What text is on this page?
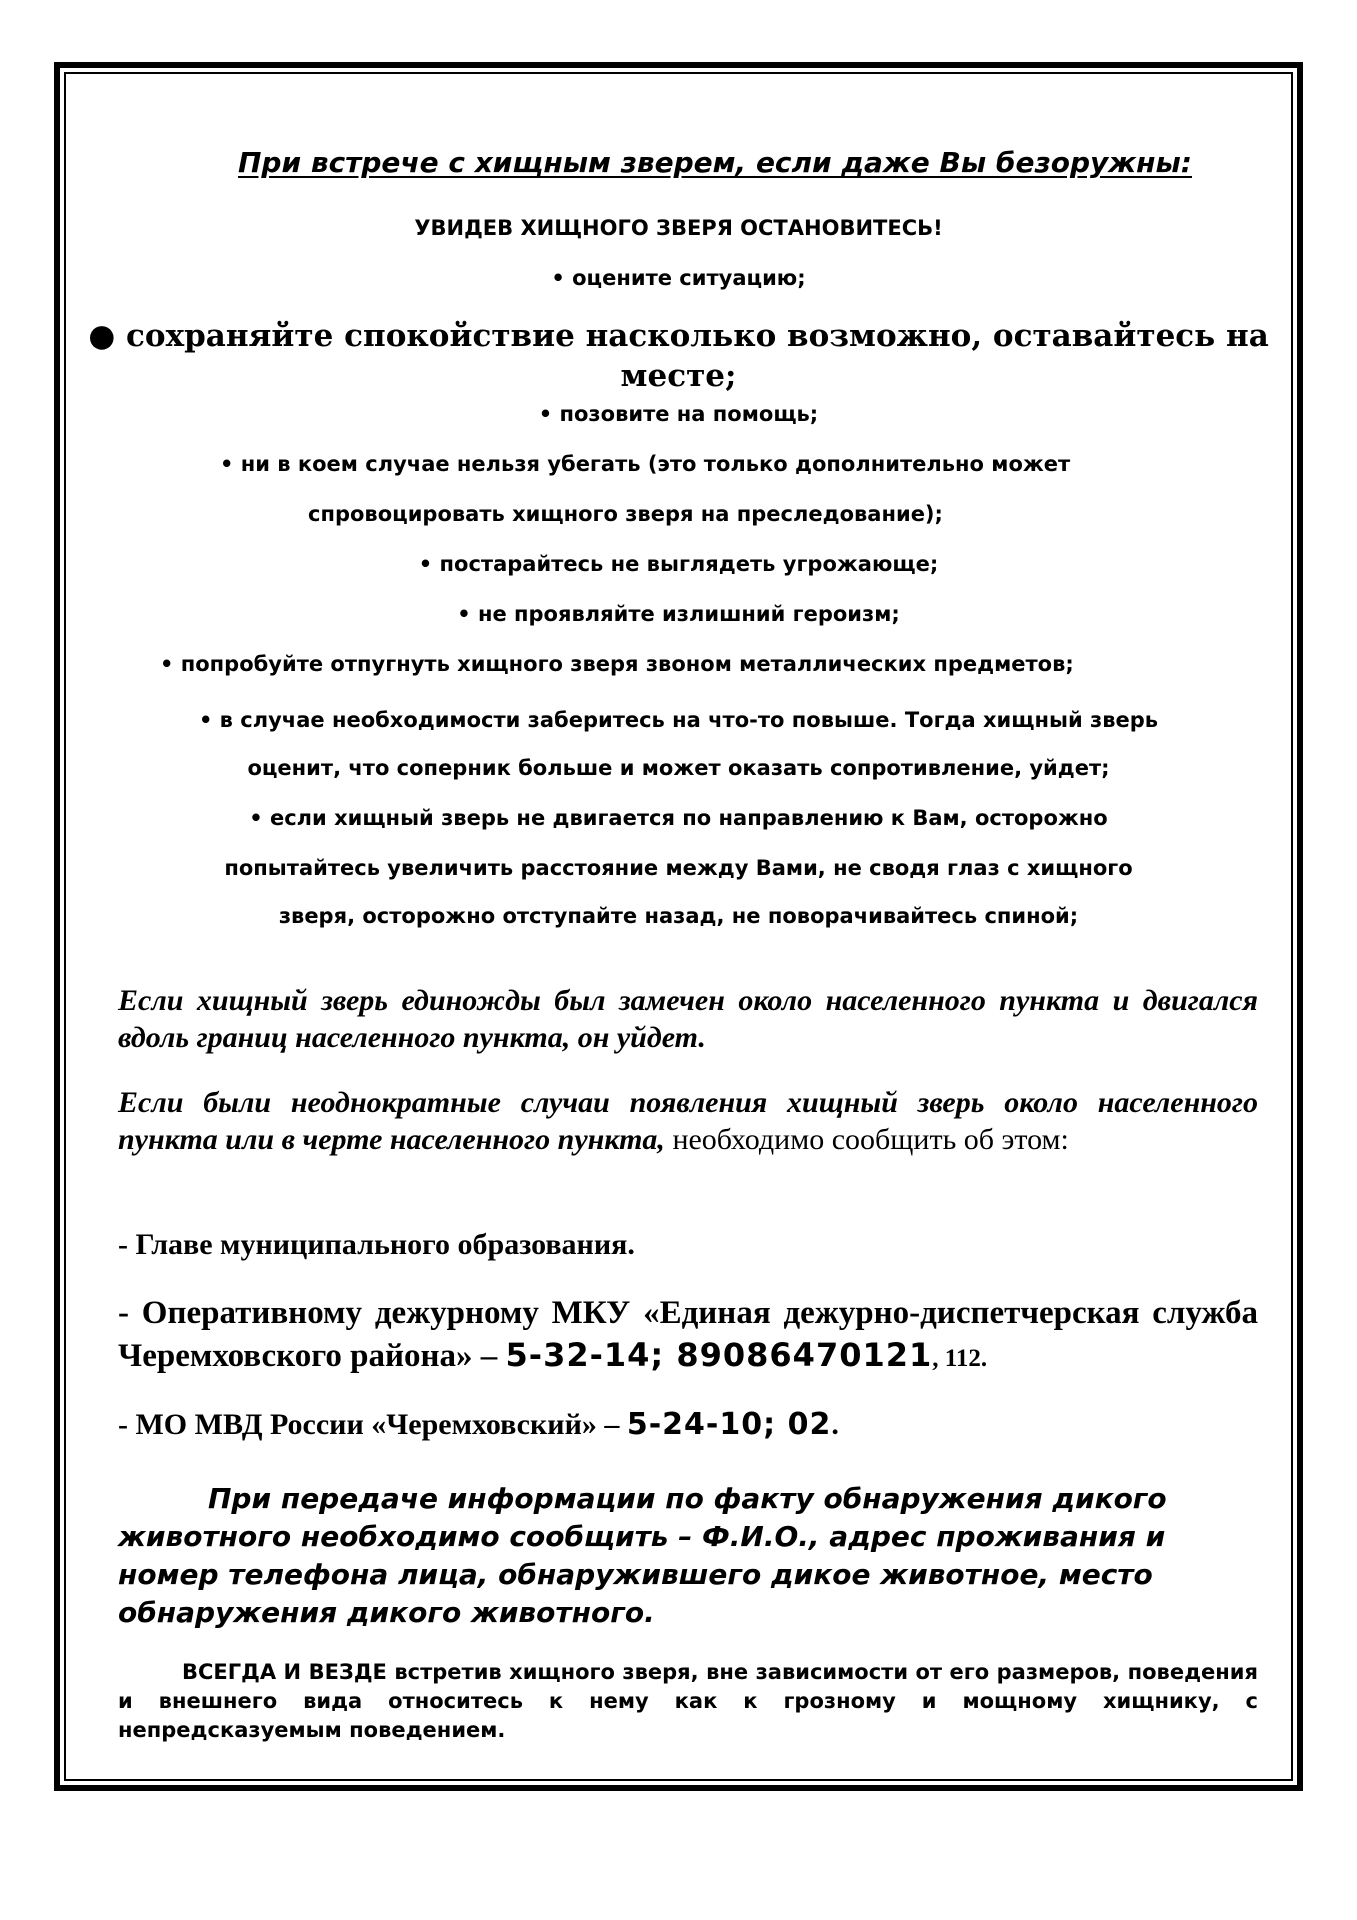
При встрече с хищным зверем, если даже Вы безоружны:
УВИДЕВ ХИЩНОГО ЗВЕРЯ ОСТАНОВИТЕСЬ!
• оцените ситуацию;
● сохраняйте спокойствие насколько возможно, оставайтесь на
месте;
• позовите на помощь;
• ни в коем случае нельзя убегать (это только дополнительно может
спровоцировать хищного зверя на преследование);
• постарайтесь не выглядеть угрожающе;
• не проявляйте излишний героизм;
• попробуйте отпугнуть хищного зверя звоном металлических предметов;
• в случае необходимости заберитесь на что-то повыше. Тогда хищный зверь
оценит, что соперник больше и может оказать сопротивление, уйдет;
• если хищный зверь не двигается по направлению к Вам, осторожно
попытайтесь увеличить расстояние между Вами, не сводя глаз с хищного
зверя, осторожно отступайте назад, не поворачивайтесь спиной;
Если хищный зверь единожды был замечен около населенного пункта и двигался вдоль границ населенного пункта, он уйдет.
Если были неоднократные случаи появления хищный зверь около населенного пункта или в черте населенного пункта, необходимо сообщить об этом:
- Главе муниципального образования.
- Оперативному дежурному МКУ «Единая дежурно-диспетчерская служба Черемховского района» – 5-32-14; 89086470121, 112.
- МО МВД России «Черемховский» – 5-24-10; 02.
При передаче информации по факту обнаружения дикого животного необходимо сообщить – Ф.И.О., адрес проживания и номер телефона лица, обнаружившего дикое животное, место обнаружения дикого животного.
ВСЕГДА И ВЕЗДЕ встретив хищного зверя, вне зависимости от его размеров, поведения и внешнего вида относитесь к нему как к грозному и мощному хищнику, с непредсказуемым поведением.
